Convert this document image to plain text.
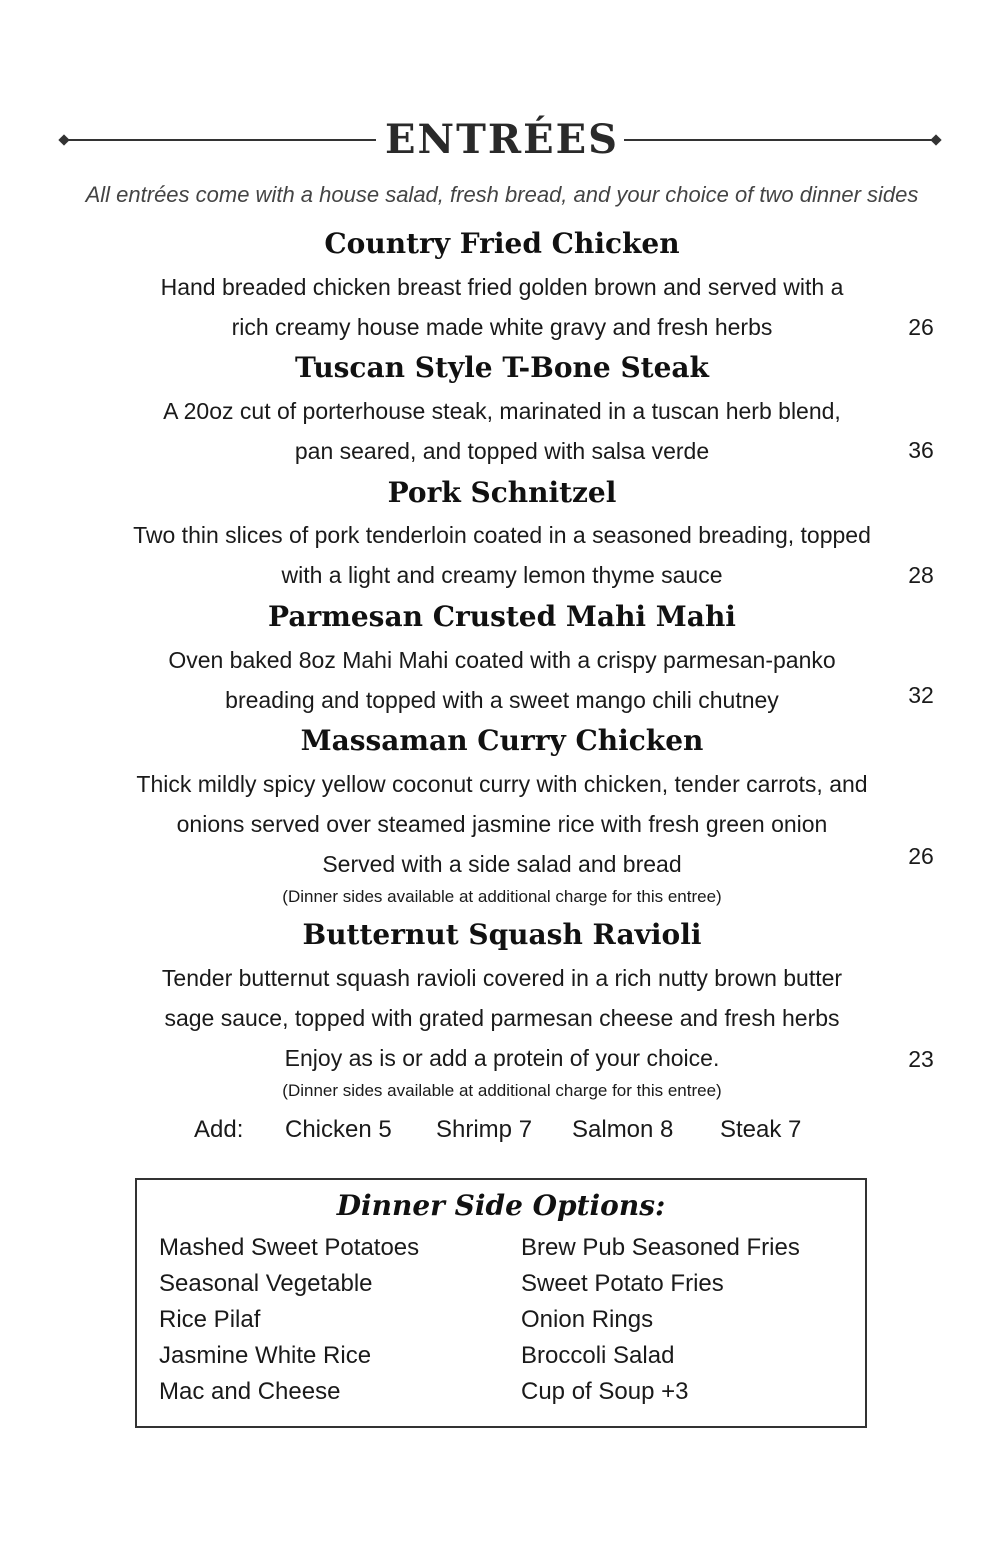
ENTRÉES
All entrées come with a house salad, fresh bread, and your choice of two dinner sides
Country Fried Chicken
Hand breaded chicken breast fried golden brown and served with a
rich creamy house made white gravy and fresh herbs	26
Tuscan Style T-Bone Steak
A 20oz cut of porterhouse steak, marinated in a tuscan herb blend,
pan seared, and topped with salsa verde	36
Pork Schnitzel
Two thin slices of pork tenderloin coated in a seasoned breading, topped
with a light and creamy lemon thyme sauce	28
Parmesan Crusted Mahi Mahi
Oven baked 8oz Mahi Mahi coated with a crispy parmesan-panko
breading and topped with a sweet mango chili chutney	32
Massaman Curry Chicken
Thick mildly spicy yellow coconut curry with chicken, tender carrots, and
onions served over steamed jasmine rice with fresh green onion
Served with a side salad and bread	26
(Dinner sides available at additional charge for this entree)
Butternut Squash Ravioli
Tender butternut squash ravioli covered in a rich nutty brown butter
sage sauce, topped with grated parmesan cheese and fresh herbs
Enjoy as is or add a protein of your choice.	23
(Dinner sides available at additional charge for this entree)
Add: Chicken 5 Shrimp 7 Salmon 8 Steak 7
Dinner Side Options:
Mashed Sweet Potatoes
Seasonal Vegetable
Rice Pilaf
Jasmine White Rice
Mac and Cheese
Brew Pub Seasoned Fries
Sweet Potato Fries
Onion Rings
Broccoli Salad
Cup of Soup +3
